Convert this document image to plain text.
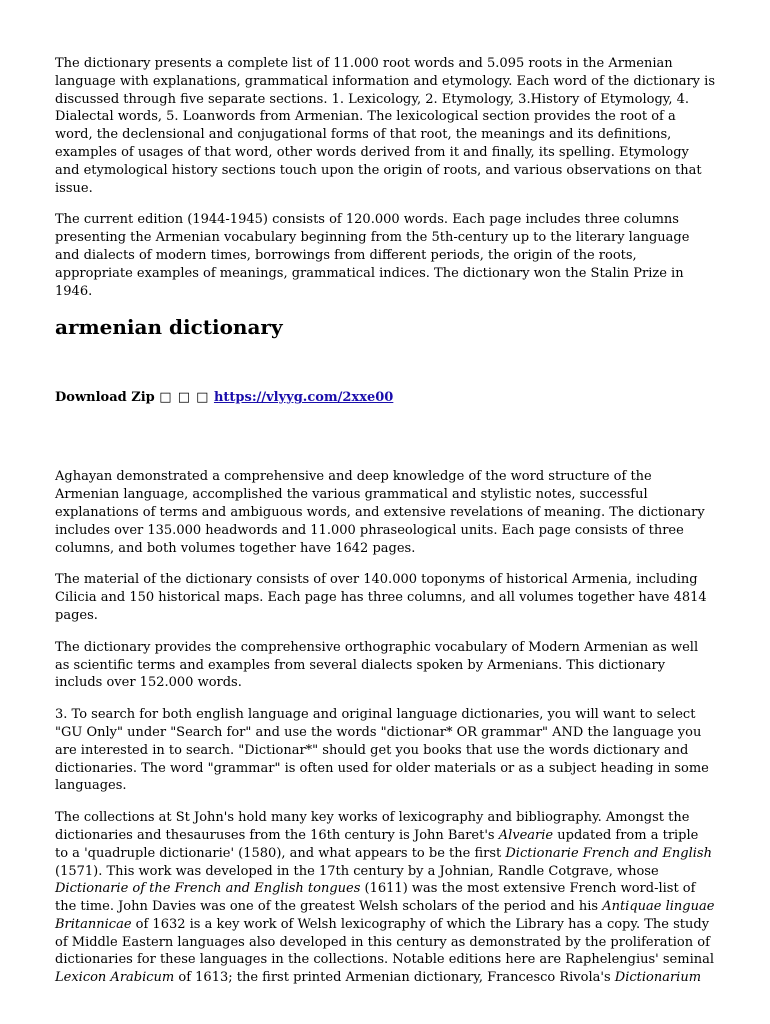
The dictionary presents a complete list of 11.000 root words and 5.095 roots in the Armenian language with explanations, grammatical information and etymology. Each word of the dictionary is discussed through five separate sections. 1. Lexicology, 2. Etymology, 3.History of Etymology, 4. Dialectal words, 5. Loanwords from Armenian. The lexicological section provides the root of a word, the declensional and conjugational forms of that root, the meanings and its definitions, examples of usages of that word, other words derived from it and finally, its spelling. Etymology and etymological history sections touch upon the origin of roots, and various observations on that issue.

The current edition (1944-1945) consists of 120.000 words. Each page includes three columns presenting the Armenian vocabulary beginning from the 5th-century up to the literary language and dialects of modern times, borrowings from different periods, the origin of the roots, appropriate examples of meanings, grammatical indices. The dictionary won the Stalin Prize in 1946.

armenian dictionary
Download Zip □ □ □ https://vlyyg.com/2xxe00

Aghayan demonstrated a comprehensive and deep knowledge of the word structure of the Armenian language, accomplished the various grammatical and stylistic notes, successful explanations of terms and ambiguous words, and extensive revelations of meaning. The dictionary includes over 135.000 headwords and 11.000 phraseological units. Each page consists of three columns, and both volumes together have 1642 pages.

The material of the dictionary consists of over 140.000 toponyms of historical Armenia, including Cilicia and 150 historical maps. Each page has three columns, and all volumes together have 4814 pages.

The dictionary provides the comprehensive orthographic vocabulary of Modern Armenian as well as scientific terms and examples from several dialects spoken by Armenians. This dictionary includs over 152.000 words.

3. To search for both english language and original language dictionaries, you will want to select "GU Only" under "Search for" and use the words "dictionar* OR grammar" AND the language you are interested in to search. "Dictionar*" should get you books that use the words dictionary and dictionaries. The word "grammar" is often used for older materials or as a subject heading in some languages.

The collections at St John's hold many key works of lexicography and bibliography. Amongst the dictionaries and thesauruses from the 16th century is John Baret's Alvearie updated from a triple to a 'quadruple dictionarie' (1580), and what appears to be the first Dictionarie French and English (1571). This work was developed in the 17th century by a Johnian, Randle Cotgrave, whose Dictionarie of the French and English tongues (1611) was the most extensive French word-list of the time. John Davies was one of the greatest Welsh scholars of the period and his Antiquae linguae Britannicae of 1632 is a key work of Welsh lexicography of which the Library has a copy. The study of Middle Eastern languages also developed in this century as demonstrated by the proliferation of dictionaries for these languages in the collections. Notable editions here are Raphelengius' seminal Lexicon Arabicum of 1613; the first printed Armenian dictionary, Francesco Rivola's Dictionarium
